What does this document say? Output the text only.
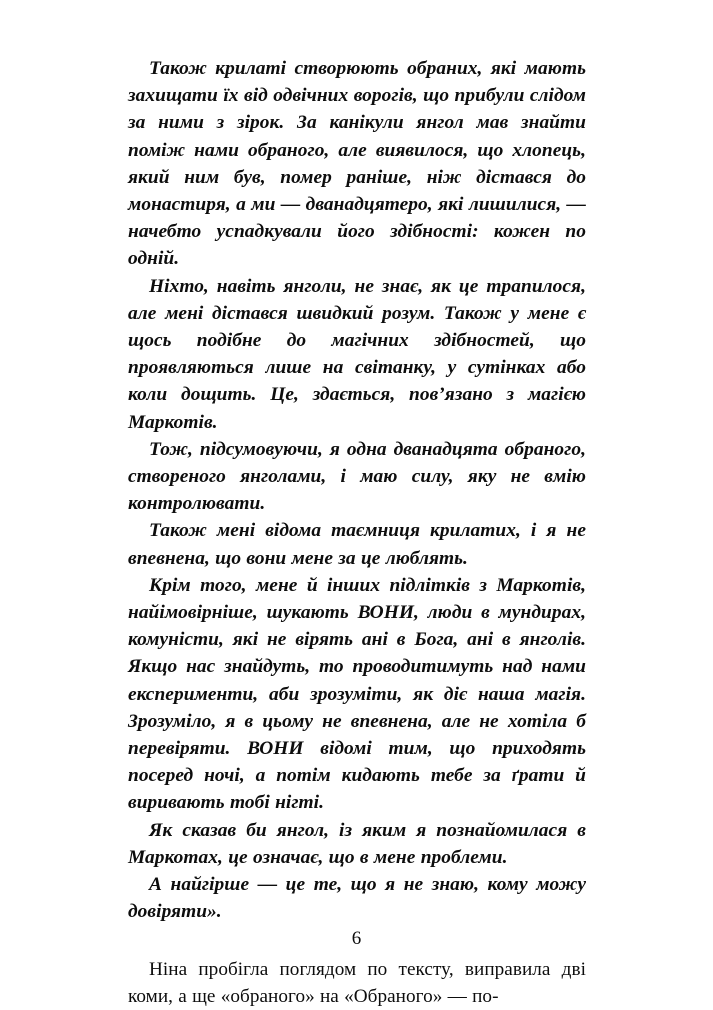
Також крилаті створюють обраних, які мають захищати їх від одвічних ворогів, що прибули слідом за ними з зірок. За канікули янгол мав знайти поміж нами обраного, але виявилося, що хлопець, який ним був, помер раніше, ніж дістався до монастиря, а ми — дванадцятеро, які лишилися, — начебто успадкували його здібності: кожен по одній.

Ніхто, навіть янголи, не знає, як це трапилося, але мені дістався швидкий розум. Також у мене є щось подібне до магічних здібностей, що проявляються лише на світанку, у сутінках або коли дощить. Це, здається, пов’язано з магією Маркотів.

Тож, підсумовуючи, я одна дванадцята обраного, створеного янголами, і маю силу, яку не вмію контролювати.

Також мені відома таємниця крилатих, і я не впевнена, що вони мене за це люблять.

Крім того, мене й інших підлітків з Маркотів, найімовірніше, шукають ВОНИ, люди в мундирах, комуністи, які не вірять ані в Бога, ані в янголів. Якщо нас знайдуть, то проводитимуть над нами експерименти, аби зрозуміти, як діє наша магія. Зрозуміло, я в цьому не впевнена, але не хотіла б перевіряти. ВОНИ відомі тим, що приходять посеред ночі, а потім кидають тебе за ґрати й виривають тобі нігті.

Як сказав би янгол, із яким я познайомилася в Маркотах, це означає, що в мене проблеми.

А найгірше — це те, що я не знаю, кому можу довіряти».

Ніна пробігла поглядом по тексту, виправила дві коми, а ще «обраного» на «Обраного» — по-

6
